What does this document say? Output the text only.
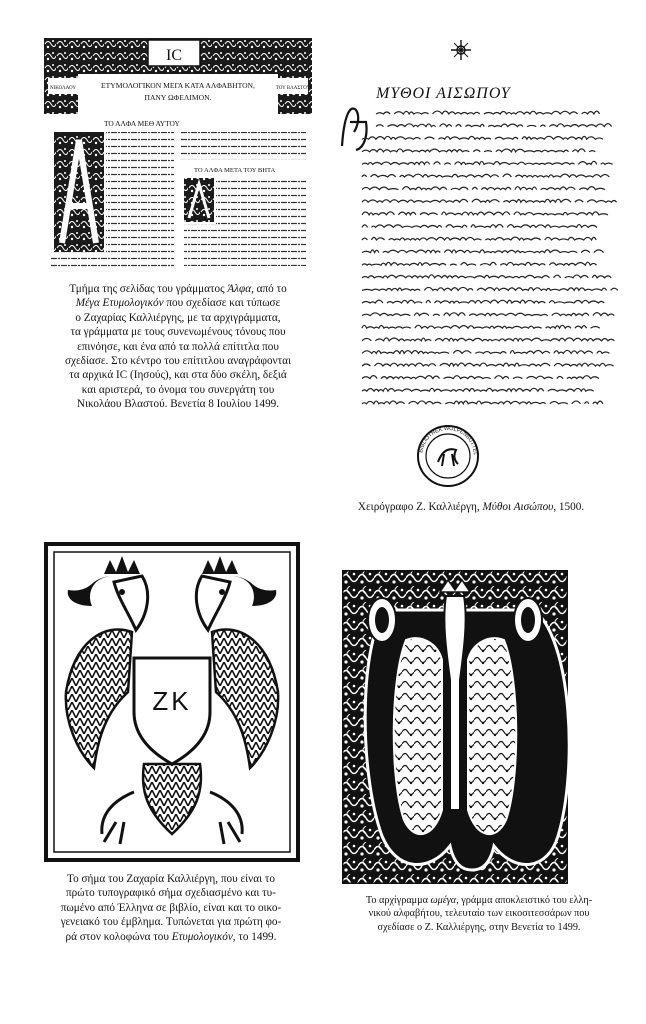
IC
ΝΙΚΟΛΑΟΥ	ΤΟΥ ΒΛΑΣΤΟΥ
ΕΤΥΜΟΛΟΓΙΚΟΝ ΜΕΓΑ ΚΑΤΑ ΑΛΦΑΒΗΤΟΝ,
ΠΑΝΥ ΩΦΕΛΙΜΟΝ.
ΤΟ ΑΛΦΑ ΜΕΘ ΑΥΤΟΥ
ΤΟ ΑΛΦΑ ΜΕΤΑ ΤΟΥ ΒΗΤΑ
Τμήμα της σελίδας του γράμματος Άλφα, από το
Μέγα Ετυμολογικόν που σχεδίασε και τύπωσε
ο Ζαχαρίας Καλλιέργης, με τα αρχιγράμματα,
τα γράμματα με τους συνενωμένους τόνους που
επινόησε, και ένα από τα πολλά επίτιτλα που
σχεδίασε. Στο κέντρο του επίτιτλου αναγράφονται
τα αρχικά IC (Ιησούς), και στα δύο σκέλη, δεξιά
και αριστερά, το όνομα του συνεργάτη του
Νικολάου Βλαστού. Βενετία 8 Ιουλίου 1499.
ΜΥΘΟΙ ΑΙΣΩΠΟΥ
BIBLIOTHEK WOLFENBUTTEL
Χειρόγραφο Ζ. Καλλιέργη, Μύθοι Αισώπου, 1500.
ZK
Το σήμα του Ζαχαρία Καλλιέργη, που είναι το
πρώτο τυπογραφικό σήμα σχεδιασμένο και τυ-
πωμένο από Έλληνα σε βιβλίο, είναι και το οικο-
γενειακό του έμβλημα. Τυπώνεται για πρώτη φο-
ρά στον κολοφώνα του Ετυμολογικόν, το 1499.
Το αρχίγραμμα ωμέγα, γράμμα αποκλειστικό του ελλη-
νικού αλφαβήτου, τελευταίο των εικοσιτεσσάρων που
σχεδίασε ο Ζ. Καλλιέργης, στην Βενετία το 1499.
